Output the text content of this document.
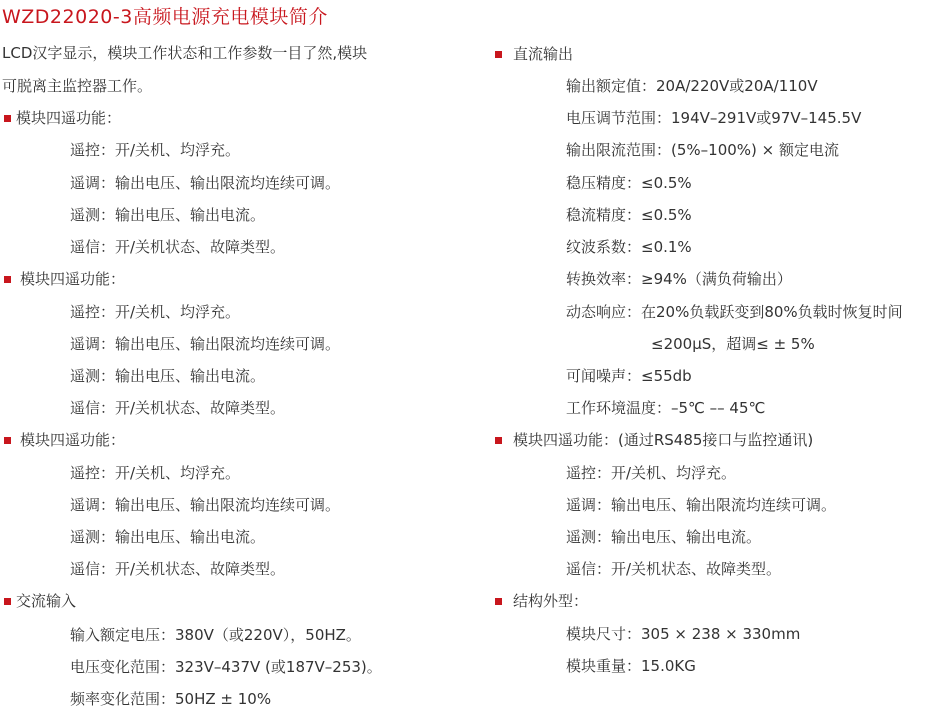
WZD22020-3高频电源充电模块简介
LCD汉字显示，模块工作状态和工作参数一目了然,模块
可脱离主监控器工作。
模块四遥功能：
遥控：开/关机、均浮充。
遥调：输出电压、输出限流均连续可调。
遥测：输出电压、输出电流。
遥信：开/关机状态、故障类型。
模块四遥功能：
遥控：开/关机、均浮充。
遥调：输出电压、输出限流均连续可调。
遥测：输出电压、输出电流。
遥信：开/关机状态、故障类型。
模块四遥功能：
遥控：开/关机、均浮充。
遥调：输出电压、输出限流均连续可调。
遥测：输出电压、输出电流。
遥信：开/关机状态、故障类型。
交流输入
输入额定电压：380V（或220V），50HZ。
电压变化范围：323V–437V (或187V–253)。
频率变化范围：50HZ ± 10%
直流输出
输出额定值：20A/220V或20A/110V
电压调节范围：194V–291V或97V–145.5V
输出限流范围：(5%–100%) × 额定电流
稳压精度：≤0.5%
稳流精度：≤0.5%
纹波系数：≤0.1%
转换效率：≥94%（满负荷输出）
动态响应：在20%负载跃变到80%负载时恢复时间
≤200μS，超调≤ ± 5%
可闻噪声：≤55db
工作环境温度：–5℃ –– 45℃
模块四遥功能：(通过RS485接口与监控通讯)
遥控：开/关机、均浮充。
遥调：输出电压、输出限流均连续可调。
遥测：输出电压、输出电流。
遥信：开/关机状态、故障类型。
结构外型：
模块尺寸：305 × 238 × 330mm
模块重量：15.0KG
